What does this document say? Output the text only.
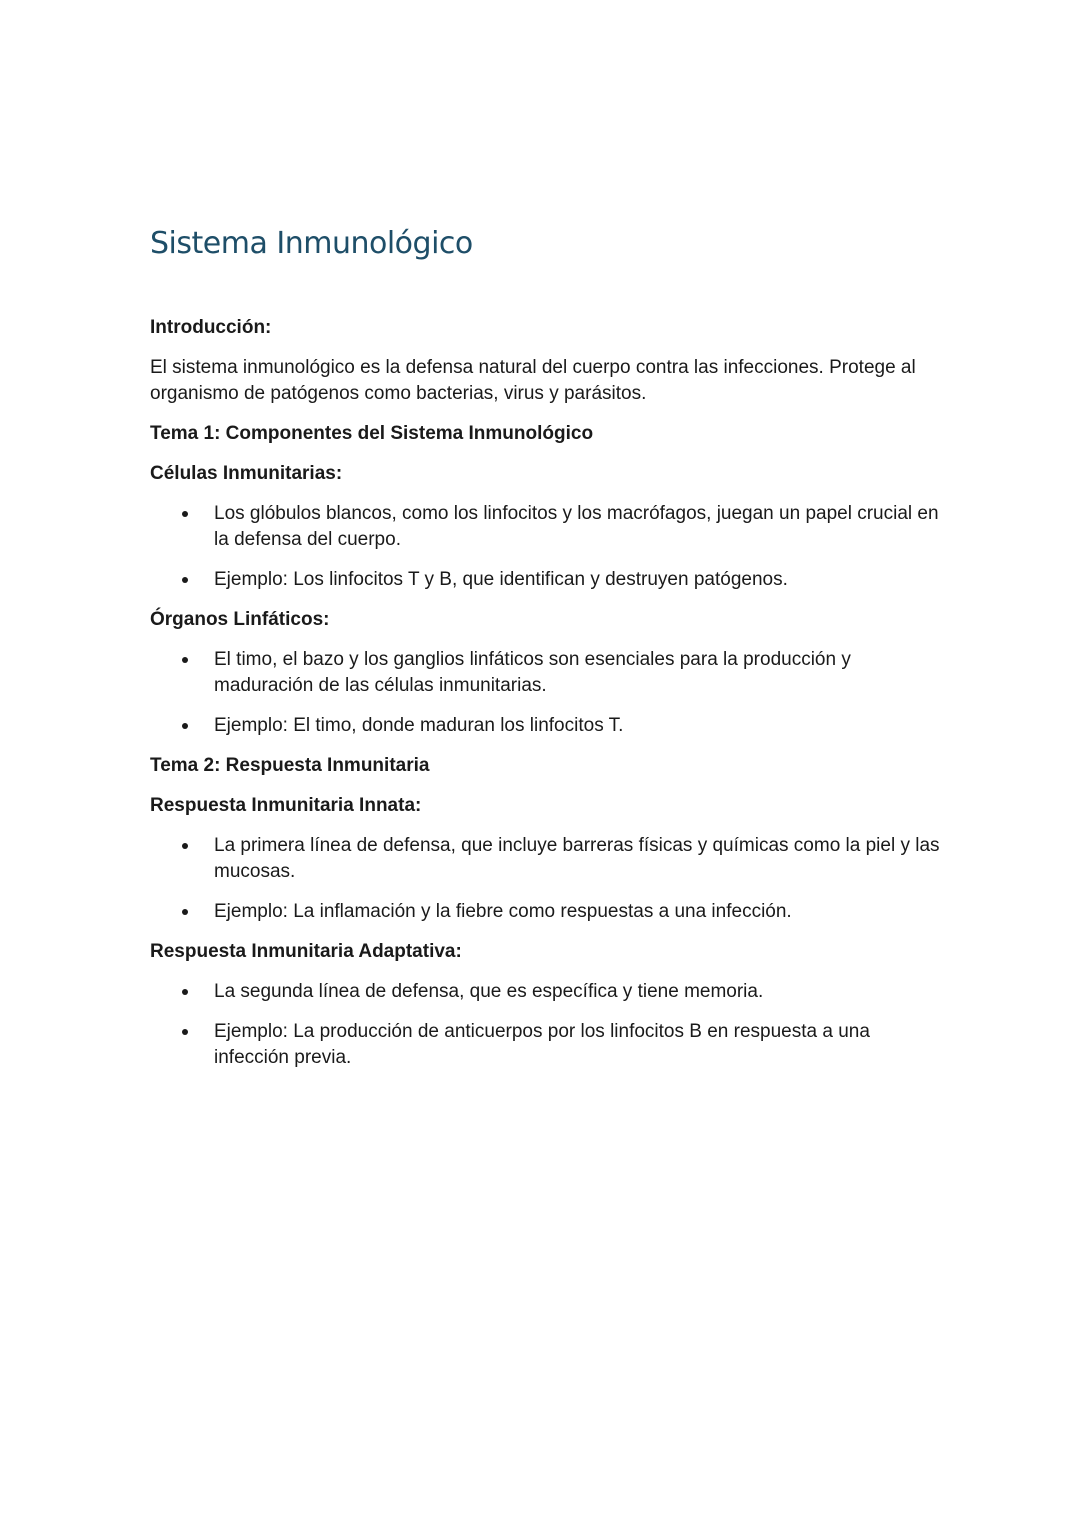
Sistema Inmunológico

Introducción:

El sistema inmunológico es la defensa natural del cuerpo contra las infecciones. Protege al organismo de patógenos como bacterias, virus y parásitos.

Tema 1: Componentes del Sistema Inmunológico

Células Inmunitarias:

Los glóbulos blancos, como los linfocitos y los macrófagos, juegan un papel crucial en la defensa del cuerpo.
Ejemplo: Los linfocitos T y B, que identifican y destruyen patógenos.

Órganos Linfáticos:

El timo, el bazo y los ganglios linfáticos son esenciales para la producción y maduración de las células inmunitarias.
Ejemplo: El timo, donde maduran los linfocitos T.

Tema 2: Respuesta Inmunitaria

Respuesta Inmunitaria Innata:

La primera línea de defensa, que incluye barreras físicas y químicas como la piel y las mucosas.
Ejemplo: La inflamación y la fiebre como respuestas a una infección.

Respuesta Inmunitaria Adaptativa:

La segunda línea de defensa, que es específica y tiene memoria.
Ejemplo: La producción de anticuerpos por los linfocitos B en respuesta a una infección previa.
